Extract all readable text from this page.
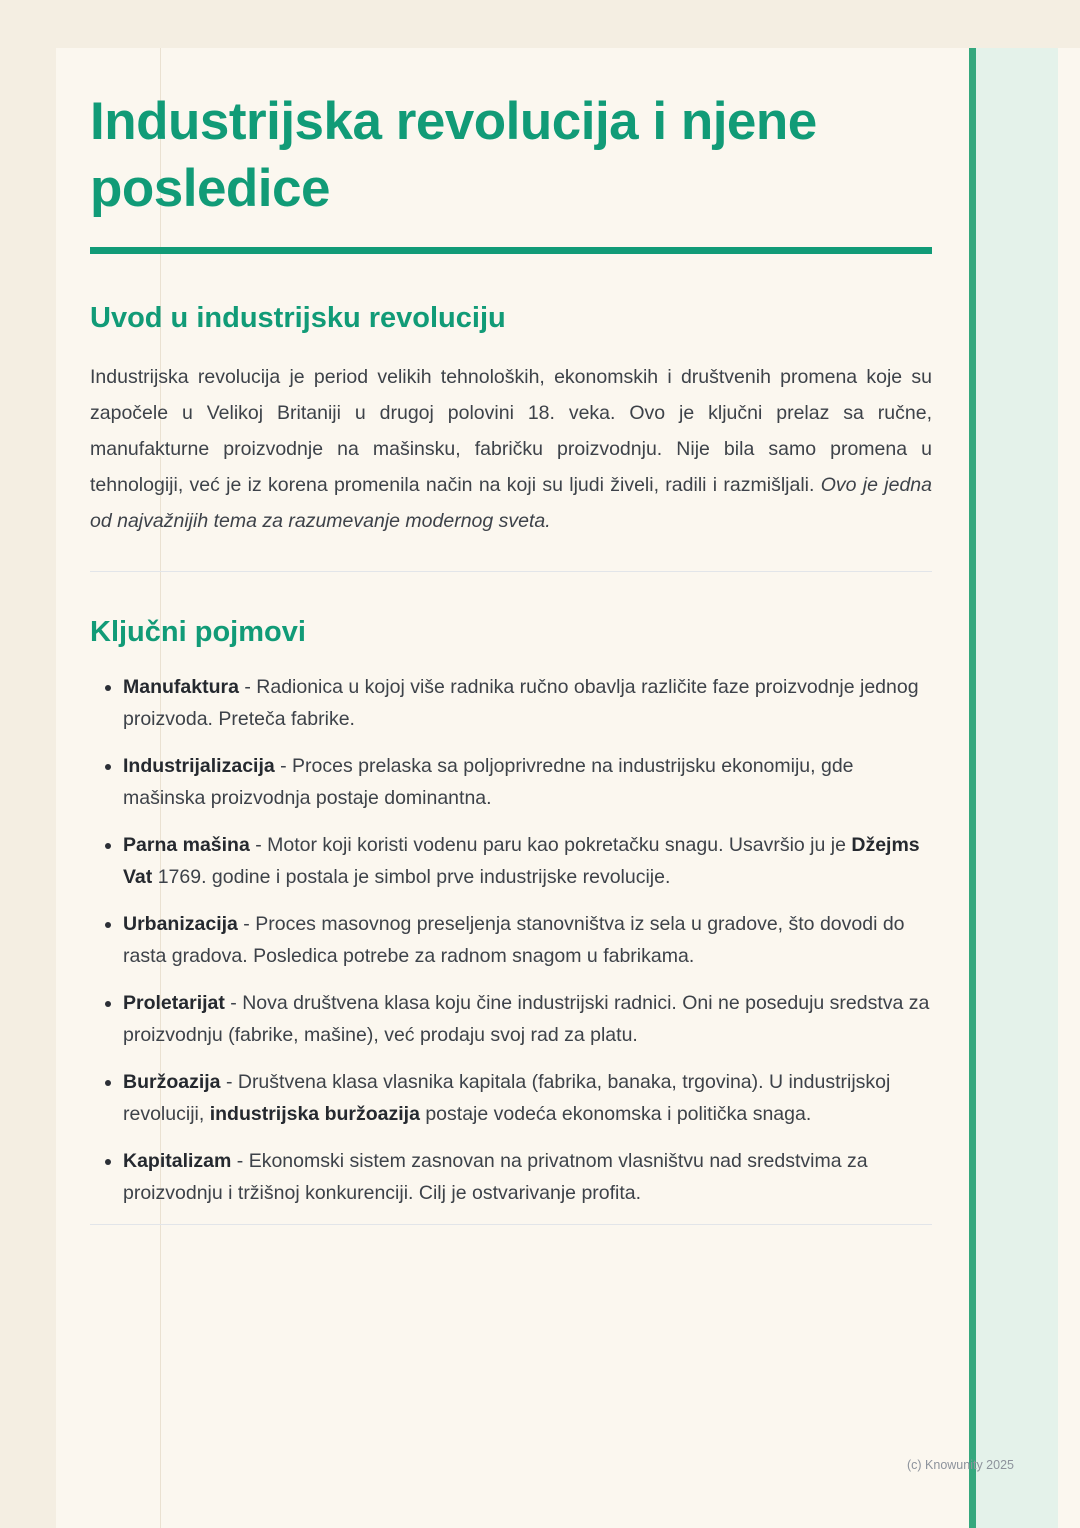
Industrijska revolucija i njene posledice
Uvod u industrijsku revoluciju

Industrijska revolucija je period velikih tehnoloških, ekonomskih i društvenih promena koje su započele u Velikoj Britaniji u drugoj polovini 18. veka. Ovo je ključni prelaz sa ručne, manufakturne proizvodnje na mašinsku, fabričku proizvodnju. Nije bila samo promena u tehnologiji, već je iz korena promenila način na koji su ljudi živeli, radili i razmišljali. Ovo je jedna od najvažnijih tema za razumevanje modernog sveta.

Ključni pojmovi
• Manufaktura - Radionica u kojoj više radnika ručno obavlja različite faze proizvodnje jednog proizvoda. Preteča fabrike.
• Industrijalizacija - Proces prelaska sa poljoprivredne na industrijsku ekonomiju, gde mašinska proizvodnja postaje dominantna.
• Parna mašina - Motor koji koristi vodenu paru kao pokretačku snagu. Usavršio ju je Džejms Vat 1769. godine i postala je simbol prve industrijske revolucije.
• Urbanizacija - Proces masovnog preseljenja stanovništva iz sela u gradove, što dovodi do rasta gradova. Posledica potrebe za radnom snagom u fabrikama.
• Proletarijat - Nova društvena klasa koju čine industrijski radnici. Oni ne poseduju sredstva za proizvodnju (fabrike, mašine), već prodaju svoj rad za platu.
• Buržoazija - Društvena klasa vlasnika kapitala (fabrika, banaka, trgovina). U industrijskoj revoluciji, industrijska buržoazija postaje vodeća ekonomska i politička snaga.
• Kapitalizam - Ekonomski sistem zasnovan na privatnom vlasništvu nad sredstvima za proizvodnju i tržišnoj konkurenciji. Cilj je ostvarivanje profita.
(c) Knowunity 2025
